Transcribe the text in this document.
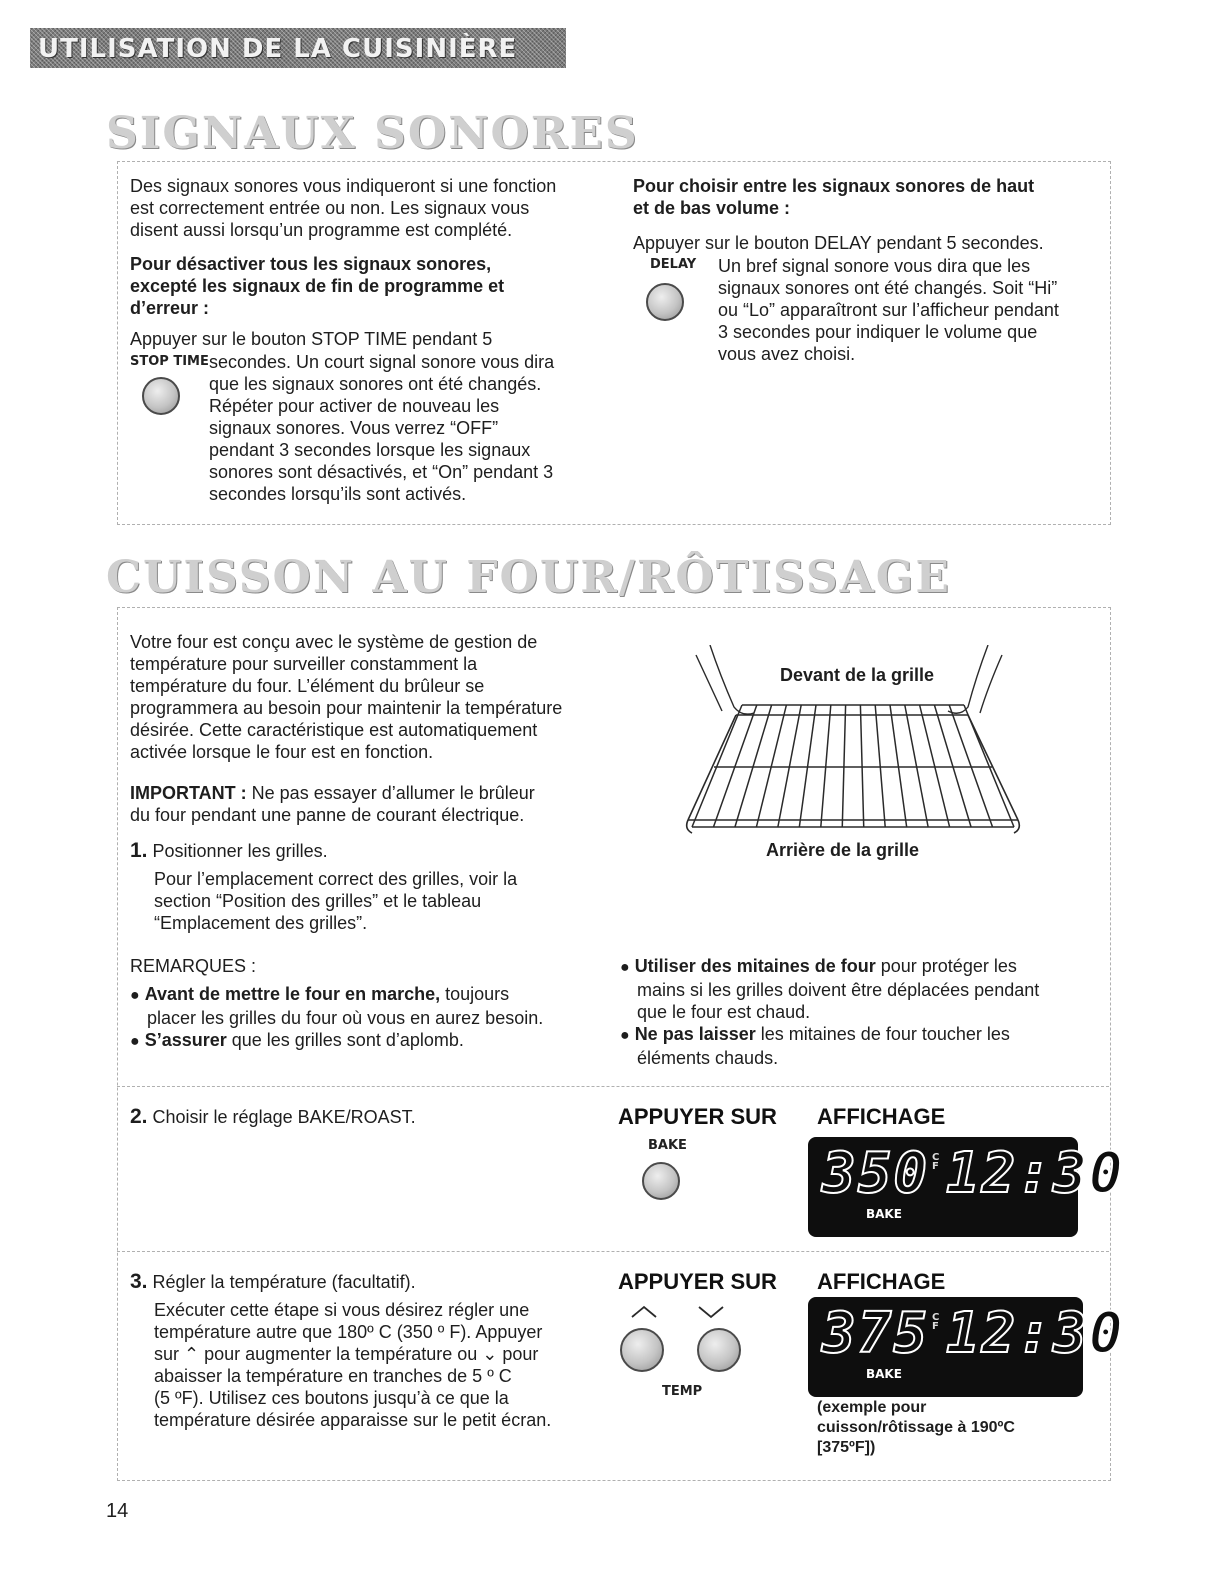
UTILISATION DE LA CUISINIÈRE
SIGNAUX SONORES
Des signaux sonores vous indiqueront si une fonction
est correctement entrée ou non. Les signaux vous
disent aussi lorsqu’un programme est complété.
Pour désactiver tous les signaux sonores,
excepté les signaux de fin de programme et
d’erreur :
Appuyer sur le bouton STOP TIME pendant 5
STOP TIME secondes. Un court signal sonore vous dira
que les signaux sonores ont été changés.
Répéter pour activer de nouveau les
signaux sonores. Vous verrez “OFF”
pendant 3 secondes lorsque les signaux
sonores sont désactivés, et “On” pendant 3
secondes lorsqu’ils sont activés.
Pour choisir entre les signaux sonores de haut
et de bas volume :
Appuyer sur le bouton DELAY pendant 5 secondes.
DELAY Un bref signal sonore vous dira que les
signaux sonores ont été changés. Soit “Hi”
ou “Lo” apparaîtront sur l’afficheur pendant
3 secondes pour indiquer le volume que
vous avez choisi.
CUISSON AU FOUR/RÔTISSAGE
Votre four est conçu avec le système de gestion de
température pour surveiller constamment la
température du four. L’élément du brûleur se
programmera au besoin pour maintenir la température
désirée. Cette caractéristique est automatiquement
activée lorsque le four est en fonction.
IMPORTANT : Ne pas essayer d’allumer le brûleur
du four pendant une panne de courant électrique.
1. Positionner les grilles.
Pour l’emplacement correct des grilles, voir la
section “Position des grilles” et le tableau
“Emplacement des grilles”.
Devant de la grille
Arrière de la grille
REMARQUES :
● Avant de mettre le four en marche, toujours
placer les grilles du four où vous en aurez besoin.
● S’assurer que les grilles sont d’aplomb.
● Utiliser des mitaines de four pour protéger les
mains si les grilles doivent être déplacées pendant
que le four est chaud.
● Ne pas laisser les mitaines de four toucher les
éléments chauds.
2. Choisir le réglage BAKE/ROAST.	APPUYER SUR AFFICHAGE
BAKE 350 C
F 12:30
BAKE
3. Régler la température (facultatif).
Exécuter cette étape si vous désirez régler une
température autre que 180º C (350 º F). Appuyer
sur ⌃ pour augmenter la température ou ⌄ pour
abaisser la température en tranches de 5 º C
(5 ºF). Utilisez ces boutons jusqu’à ce que la
température désirée apparaisse sur le petit écran.
APPUYER SUR AFFICHAGE
TEMP
375 C
F 12:30
BAKE
(exemple pour
cuisson/rôtissage à 190ºC
[375ºF])
14
